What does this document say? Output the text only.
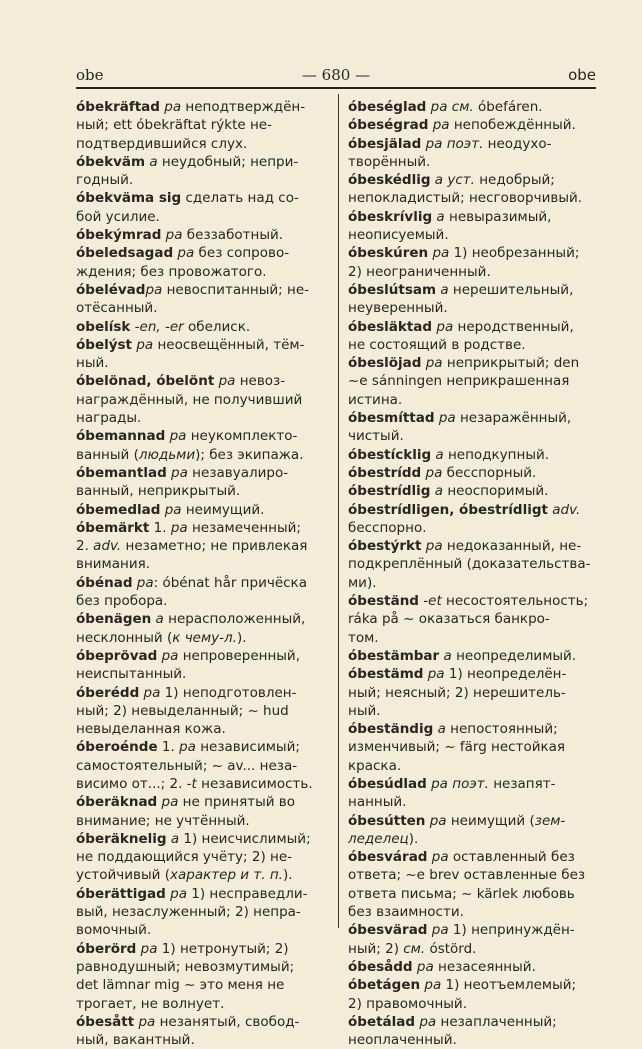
obe	— 680 —	obe
óbekräftad pa неподтверждён-
ный; ett óbekräftat rýkte не-
подтвердившийся слух.
óbekväm a неудобный; непри-
годный.
óbekväma sig сделать над со-
бой усилие.
óbekýmrad pa беззаботный.
óbeledsagad pa без сопрово-
ждения; без провожатого.
óbelévadpa невоспитанный; не-
отёсанный.
obelísk -en, -er обелиск.
óbelýst pa неосвещённый, тём-
ный.
óbelönad, óbelönt pa невоз-
награждённый, не получивший
награды.
óbemannad pa неукомплекто-
ванный (людьми); без экипажа.
óbemantlad pa незавуалиро-
ванный, неприкрытый.
óbemedlad pa неимущий.
óbemärkt 1. pa незамеченный;
2. adv. незаметно; не привлекая
внимания.
óbénad pa: óbénat hår причёска
без пробора.
óbenägen a нерасположенный,
несклонный (к чему-л.).
óbeprövad pa непроверенный,
неиспытанный.
óberédd pa 1) неподготовлен-
ный; 2) невыделанный; ~ hud
невыделанная кожа.
óberoénde 1. pa независимый;
самостоятельный; ~ av... неза-
висимо от...; 2. -t независимость.
óberäknad pa не принятый во
внимание; не учтённый.
óberäknelig a 1) неисчислимый;
не поддающийся учёту; 2) не-
устойчивый (характер и т. п.).
óberättigad pa 1) несправедли-
вый, незаслуженный; 2) непра-
вомочный.
óberörd pa 1) нетронутый; 2)
равнодушный; невозмутимый;
det lämnar mig ~ это меня не
трогает, не волнует.
óbesått pa незанятый, свобод-
ный, вакантный.
óbeséglad pa см. óbefáren.
óbeségrad pa непобеждённый.
óbesjälad pa поэт. неодухо-
творённый.
óbeskédlig a уст. недобрый;
непокладистый; несговорчивый.
óbeskrívlig a невыразимый,
неописуемый.
óbeskúren pa 1) необрезанный;
2) неограниченный.
óbeslútsam a нерешительный,
неуверенный.
óbesläktad pa неродственный,
не состоящий в родстве.
óbeslöjad pa неприкрытый; den
~e sánningen неприкрашенная
истина.
óbesmíttad pa незаражённый,
чистый.
óbestícklig a неподкупный.
óbestrídd pa бесспорный.
óbestrídlig a неоспоримый.
óbestrídligen, óbestrídligt adv.
бесспорно.
óbestýrkt pa недоказанный, не-
подкреплённый (доказательства-
ми).
óbeständ -et несостоятельность;
ráka på ~ оказаться банкро-
том.
óbestämbar a неопределимый.
óbestämd pa 1) неопределён-
ный; неясный; 2) нерешитель-
ный.
óbeständig a непостоянный;
изменчивый; ~ färg нестойкая
краска.
óbesúdlad pa поэт. незапят-
нанный.
óbesútten pa неимущий (зем-
леделец).
óbesvárad pa оставленный без
ответа; ~e brev оставленные без
ответа письма; ~ kärlek любовь
без взаимности.
óbesvärad pa 1) непринуждён-
ный; 2) см. óstörd.
óbesådd pa незасеянный.
óbetágen pa 1) неотъемлемый;
2) правомочный.
óbetálad pa незаплаченный;
неоплаченный.
